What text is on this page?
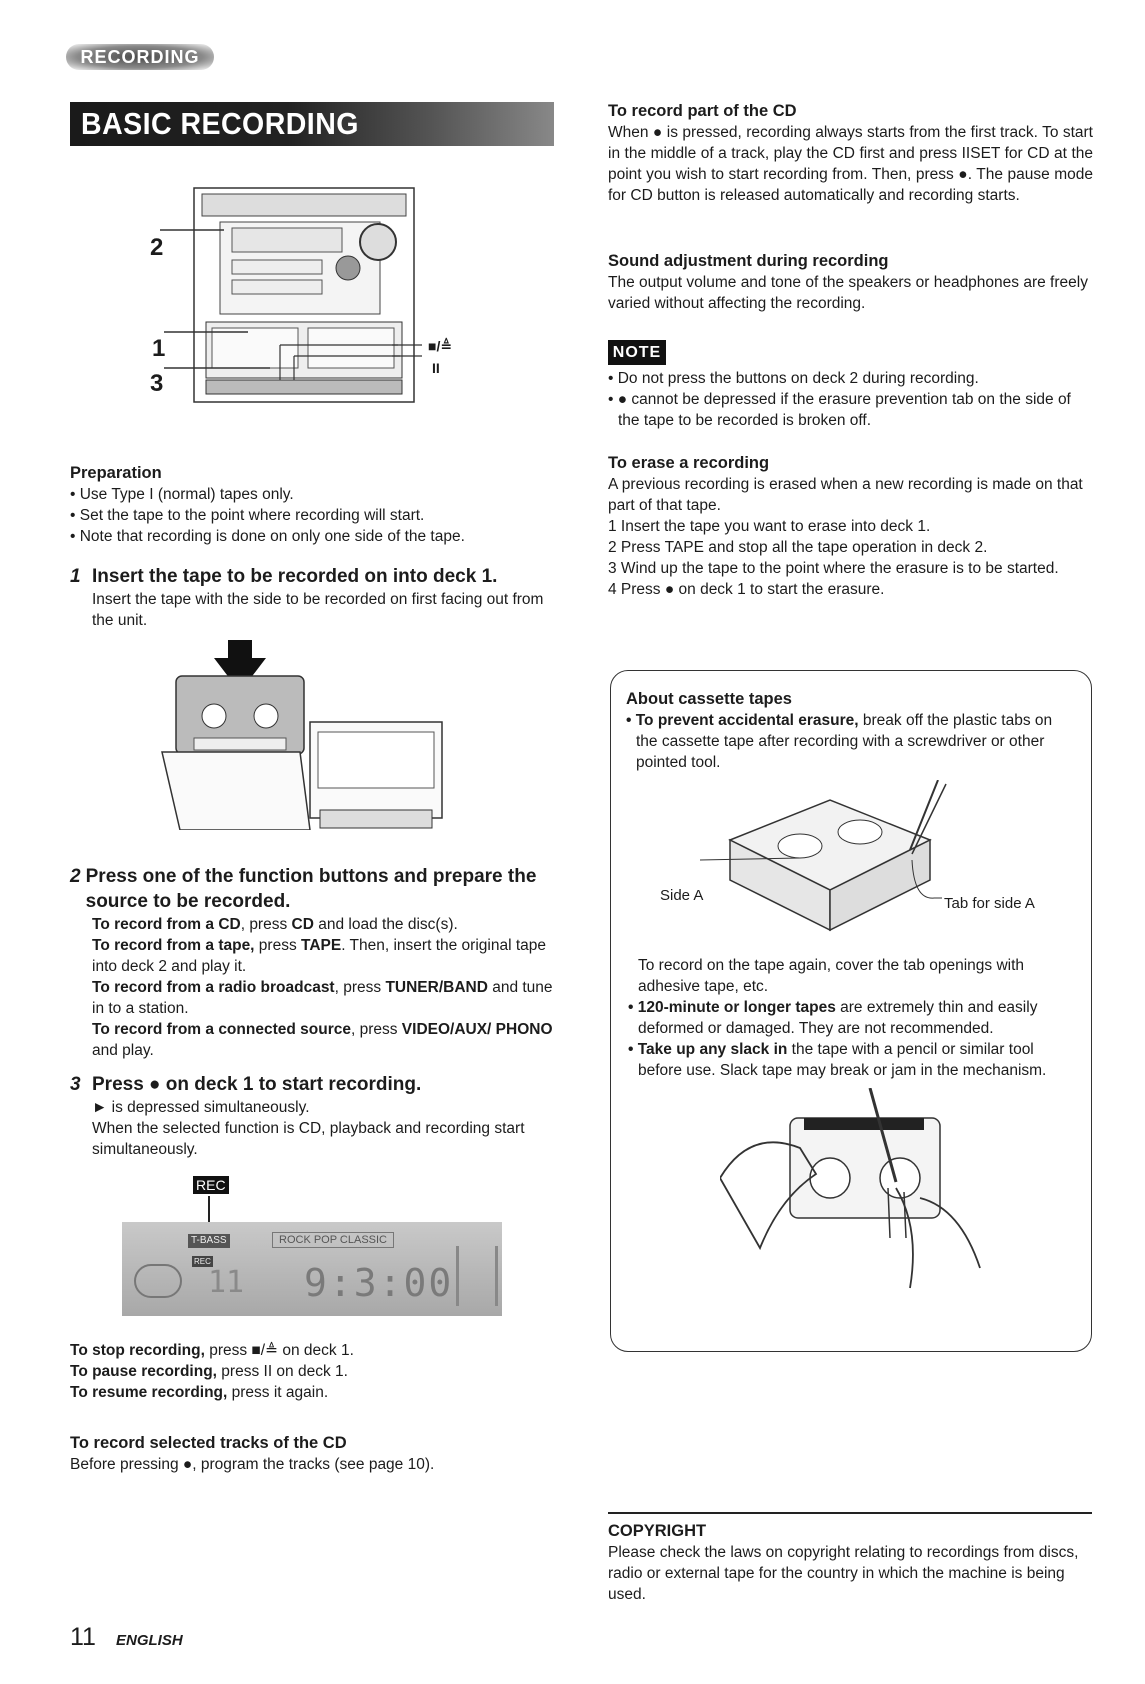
RECORDING
BASIC RECORDING
2
1
3
■/≜
II
Preparation
• Use Type I (normal) tapes only.
• Set the tape to the point where recording will start.
• Note that recording is done on only one side of the tape.
1 Insert the tape to be recorded on into deck 1.

Insert the tape with the side to be recorded on first facing out from the unit.

2 Press one of the function buttons and prepare the source to be recorded.

To record from a CD, press CD and load the disc(s).

To record from a tape, press TAPE. Then, insert the original tape into deck 2 and play it.

To record from a radio broadcast, press TUNER/BAND and tune in to a station.

To record from a connected source, press VIDEO/AUX/ PHONO and play.

3 Press ● on deck 1 to start recording.

► is depressed simultaneously.

When the selected function is CD, playback and recording start simultaneously.

REC
T-BASS	ROCK POP CLASSIC
REC
11 9:3:00

To stop recording, press ■/≜ on deck 1.

To pause recording, press II on deck 1.

To resume recording, press it again.

To record selected tracks of the CD

Before pressing ●, program the tracks (see page 10).

11 ENGLISH
To record part of the CD

When ● is pressed, recording always starts from the first track. To start in the middle of a track, play the CD first and press IISET for CD at the point you wish to start recording from. Then, press ●. The pause mode for CD button is released automatically and recording starts.

Sound adjustment during recording

The output volume and tone of the speakers or headphones are freely varied without affecting the recording.

NOTE
• Do not press the buttons on deck 2 during recording.
• ● cannot be depressed if the erasure prevention tab on the side of the tape to be recorded is broken off.
To erase a recording

A previous recording is erased when a new recording is made on that part of that tape.

1 Insert the tape you want to erase into deck 1.
2 Press TAPE and stop all the tape operation in deck 2.
3 Wind up the tape to the point where the erasure is to be started.
4 Press ● on deck 1 to start the erasure.
About cassette tapes

• To prevent accidental erasure, break off the plastic tabs on the cassette tape after recording with a screwdriver or other pointed tool.

Side A	Tab for side A

To record on the tape again, cover the tab openings with adhesive tape, etc.

• 120-minute or longer tapes are extremely thin and easily deformed or damaged. They are not recommended.

• Take up any slack in the tape with a pencil or similar tool before use. Slack tape may break or jam in the mechanism.

COPYRIGHT

Please check the laws on copyright relating to recordings from discs, radio or external tape for the country in which the machine is being used.
